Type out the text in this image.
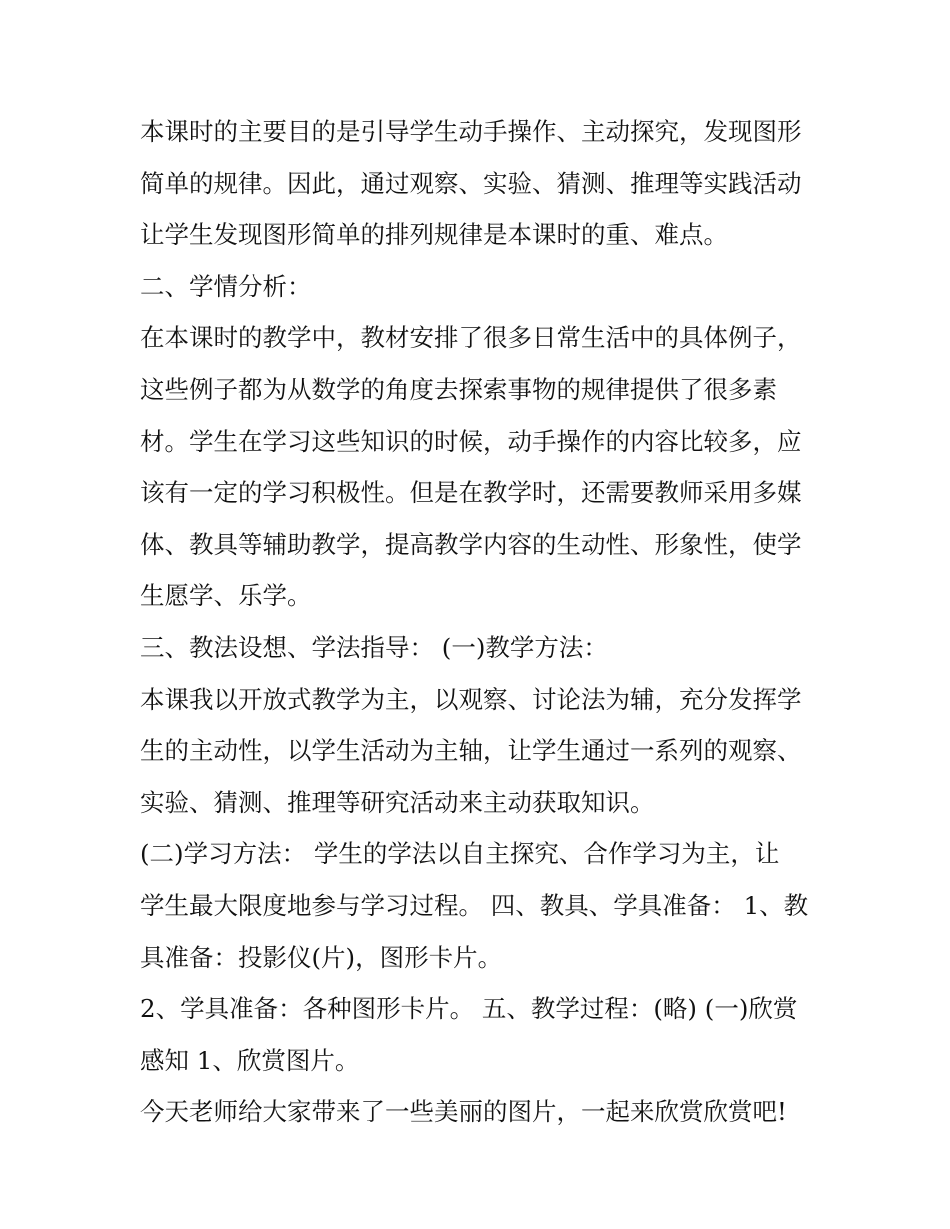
本课时的主要目的是引导学生动手操作、主动探究，发现图形
简单的规律。因此，通过观察、实验、猜测、推理等实践活动
让学生发现图形简单的排列规律是本课时的重、难点。
二、学情分析：
在本课时的教学中，教材安排了很多日常生活中的具体例子，
这些例子都为从数学的角度去探索事物的规律提供了很多素
材。学生在学习这些知识的时候，动手操作的内容比较多，应
该有一定的学习积极性。但是在教学时，还需要教师采用多媒
体、教具等辅助教学，提高教学内容的生动性、形象性，使学
生愿学、乐学。
三、教法设想、学法指导： (一)教学方法：
本课我以开放式教学为主，以观察、讨论法为辅，充分发挥学
生的主动性，以学生活动为主轴，让学生通过一系列的观察、
实验、猜测、推理等研究活动来主动获取知识。
(二)学习方法： 学生的学法以自主探究、合作学习为主，让
学生最大限度地参与学习过程。 四、教具、学具准备： 1、教
具准备：投影仪(片)，图形卡片。
2、学具准备：各种图形卡片。 五、教学过程：(略) (一)欣赏
感知 1、欣赏图片。
今天老师给大家带来了一些美丽的图片，一起来欣赏欣赏吧!
